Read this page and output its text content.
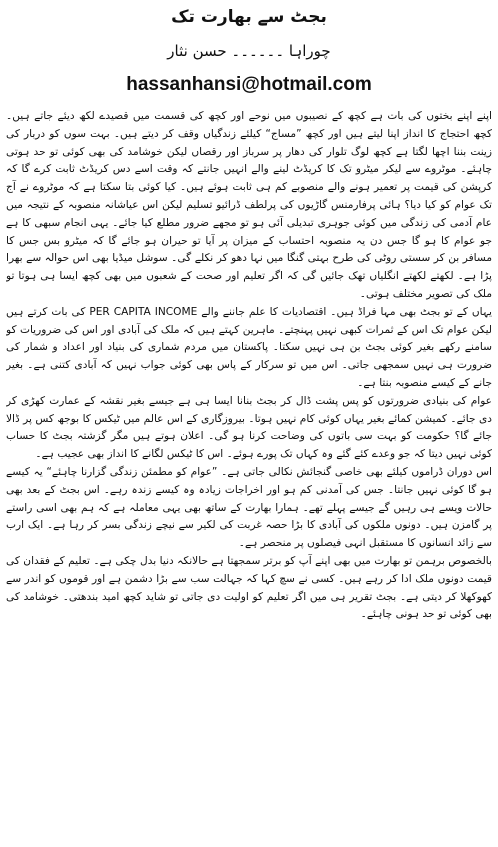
بجٹ سے بھارت تک
چوراہا ۔۔۔۔۔۔ حسن نثار
hassanhansi@hotmail.com

اپنے اپنے بختوں کی بات ہے کچھ کے نصیبوں میں نوحے اور کچھ کی قسمت میں قصیدے لکھ دیئے جاتے ہیں۔ کچھ احتجاج کا انداز اپنا لیتے ہیں اور کچھ ”مساج“ کیلئے زندگیاں وقف کر دیتے ہیں۔ بہت سوں کو دربار کی زینت بننا اچھا لگتا ہے کچھ لوگ تلوار کی دھار پر سرباز اور رقصاں لیکن خوشامد کی بھی کوئی تو حد ہوتی چاہئے۔ موٹروے سے لیکر میٹرو تک کا کریڈٹ لینے والے انہیں جانتے کہ وقت اسے دس کریڈٹ ثابت کرے گا کہ کرپشن کی قیمت پر تعمیر ہونے والے منصوبے کم ہی ثابت ہوئے ہیں۔ کیا کوئی بتا سکتا ہے کہ موٹروے نے آج تک عوام کو کیا دیا؟ ہائی پرفارمنس گاڑیوں کی پرلطف ڈرائیو تسلیم لیکن اس عیاشانہ منصوبہ کے نتیجہ میں عام آدمی کی زندگی میں کوئی جوہری تبدیلی آئی ہو تو مجھے ضرور مطلع کیا جائے۔ یہی انجام سبھی کا ہے جو عوام کا ہو گا جس دن یہ منصوبہ احتساب کے میزان پر آیا تو حیران ہو جائے گا کہ میٹرو بس جس کا مسافر بن کر سستی روٹی کی طرح بہتی گنگا میں نہا دھو کر نکلے گی۔ سوشل میڈیا بھی اس حوالہ سے بھرا پڑا ہے۔ لکھتے لکھتے انگلیاں تھک جائیں گی کہ اگر تعلیم اور صحت کے شعبوں میں بھی کچھ ایسا ہی ہوتا تو ملک کی تصویر مختلف ہوتی۔

یہاں کے تو بجٹ بھی مہا فراڈ ہیں۔ اقتصادیات کا علم جاننے والے PER CAPITA INCOME کی بات کرتے ہیں لیکن عوام تک اس کے ثمرات کبھی نہیں پہنچتے۔ ماہرین کہتے ہیں کہ ملک کی آبادی اور اس کی ضروریات کو سامنے رکھے بغیر کوئی بجٹ بن ہی نہیں سکتا۔ پاکستان میں مردم شماری کی بنیاد اور اعداد و شمار کی ضرورت ہی نہیں سمجھی جاتی۔ اس میں تو سرکار کے پاس بھی کوئی جواب نہیں کہ آبادی کتنی ہے۔ بغیر جانے کے کیسے منصوبہ بنتا ہے۔

عوام کی بنیادی ضرورتوں کو پس پشت ڈال کر بجٹ بنانا ایسا ہی ہے جیسے بغیر نقشہ کے عمارت کھڑی کر دی جائے۔ کمیشن کمائے بغیر یہاں کوئی کام نہیں ہوتا۔ بیروزگاری کے اس عالم میں ٹیکس کا بوجھ کس پر ڈالا جائے گا؟ حکومت کو بہت سی باتوں کی وضاحت کرنا ہو گی۔ اعلان ہوتے ہیں مگر گزشتہ بجٹ کا حساب کوئی نہیں دیتا کہ جو وعدے کئے گئے وہ کہاں تک پورے ہوئے۔ اس کا ٹیکس لگانے کا انداز بھی عجیب ہے۔

اس دوران ڈراموں کیلئے بھی خاصی گنجائش نکالی جاتی ہے۔ ”عوام کو مطمئن زندگی گزارنا چاہئے“ یہ کیسے ہو گا کوئی نہیں جانتا۔ جس کی آمدنی کم ہو اور اخراجات زیادہ وہ کیسے زندہ رہے۔ اس بجٹ کے بعد بھی حالات ویسے ہی رہیں گے جیسے پہلے تھے۔ ہمارا بھارت کے ساتھ بھی یہی معاملہ ہے کہ ہم بھی اسی راستے پر گامزن ہیں۔ دونوں ملکوں کی آبادی کا بڑا حصہ غربت کی لکیر سے نیچے زندگی بسر کر رہا ہے۔ ایک ارب سے زائد انسانوں کا مستقبل انہی فیصلوں پر منحصر ہے۔

بالخصوص برہمن تو بھارت میں بھی اپنے آپ کو برتر سمجھتا ہے حالانکہ دنیا بدل چکی ہے۔ تعلیم کے فقدان کی قیمت دونوں ملک ادا کر رہے ہیں۔ کسی نے سچ کہا کہ جہالت سب سے بڑا دشمن ہے اور قوموں کو اندر سے کھوکھلا کر دیتی ہے۔ بجٹ تقریر ہی میں اگر تعلیم کو اولیت دی جاتی تو شاید کچھ امید بندھتی۔ خوشامد کی بھی کوئی تو حد ہونی چاہئے۔
